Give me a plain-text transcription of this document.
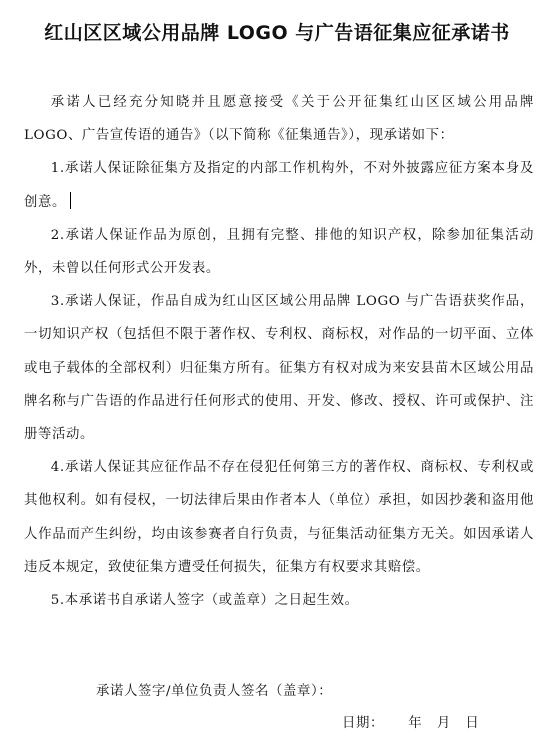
红山区区域公用品牌 LOGO 与广告语征集应征承诺书

承诺人已经充分知晓并且愿意接受《关于公开征集红山区区域公用品牌 LOGO、广告宣传语的通告》（以下简称《征集通告》），现承诺如下：

1.承诺人保证除征集方及指定的内部工作机构外，不对外披露应征方案本身及创意。

2.承诺人保证作品为原创，且拥有完整、排他的知识产权，除参加征集活动外，未曾以任何形式公开发表。

3.承诺人保证，作品自成为红山区区域公用品牌 LOGO 与广告语获奖作品，一切知识产权（包括但不限于著作权、专利权、商标权，对作品的一切平面、立体或电子载体的全部权利）归征集方所有。征集方有权对成为来安县苗木区域公用品牌名称与广告语的作品进行任何形式的使用、开发、修改、授权、许可或保护、注册等活动。

4.承诺人保证其应征作品不存在侵犯任何第三方的著作权、商标权、专利权或其他权利。如有侵权，一切法律后果由作者本人（单位）承担，如因抄袭和盗用他人作品而产生纠纷，均由该参赛者自行负责，与征集活动征集方无关。如因承诺人违反本规定，致使征集方遭受任何损失，征集方有权要求其赔偿。

5.本承诺书自承诺人签字（或盖章）之日起生效。

承诺人签字/单位负责人签名（盖章）：

日期：     年   月   日
